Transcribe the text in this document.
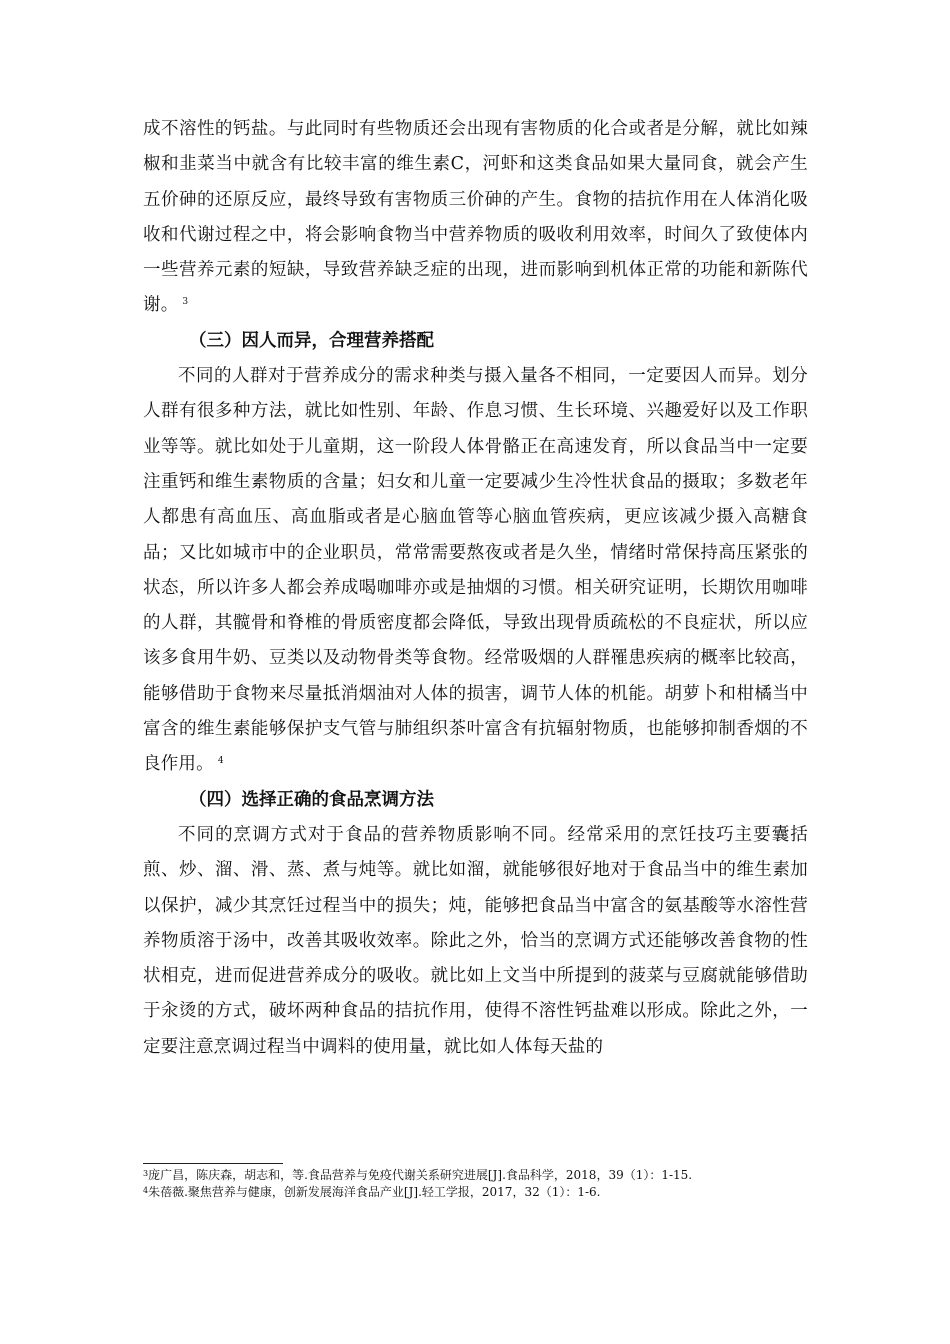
成不溶性的钙盐。与此同时有些物质还会出现有害物质的化合或者是分解，就比如辣椒和韭菜当中就含有比较丰富的维生素C，河虾和这类食品如果大量同食，就会产生五价砷的还原反应，最终导致有害物质三价砷的产生。食物的拮抗作用在人体消化吸收和代谢过程之中，将会影响食物当中营养物质的吸收利用效率，时间久了致使体内一些营养元素的短缺，导致营养缺乏症的出现，进而影响到机体正常的功能和新陈代谢。 $^3$

（三）因人而异，合理营养搭配

不同的人群对于营养成分的需求种类与摄入量各不相同，一定要因人而异。划分人群有很多种方法，就比如性别、年龄、作息习惯、生长环境、兴趣爱好以及工作职业等等。就比如处于儿童期，这一阶段人体骨骼正在高速发育，所以食品当中一定要注重钙和维生素物质的含量；妇女和儿童一定要减少生冷性状食品的摄取；多数老年人都患有高血压、高血脂或者是心脑血管等心脑血管疾病，更应该减少摄入高糖食品；又比如城市中的企业职员，常常需要熬夜或者是久坐，情绪时常保持高压紧张的状态，所以许多人都会养成喝咖啡亦或是抽烟的习惯。相关研究证明，长期饮用咖啡的人群，其髋骨和脊椎的骨质密度都会降低，导致出现骨质疏松的不良症状，所以应该多食用牛奶、豆类以及动物骨类等食物。经常吸烟的人群罹患疾病的概率比较高，能够借助于食物来尽量抵消烟油对人体的损害，调节人体的机能。胡萝卜和柑橘当中富含的维生素能够保护支气管与肺组织茶叶富含有抗辐射物质，也能够抑制香烟的不良作用。 $^4$

（四）选择正确的食品烹调方法

不同的烹调方式对于食品的营养物质影响不同。经常采用的烹饪技巧主要囊括煎、炒、溜、滑、蒸、煮与炖等。就比如溜，就能够很好地对于食品当中的维生素加以保护，减少其烹饪过程当中的损失；炖，能够把食品当中富含的氨基酸等水溶性营养物质溶于汤中，改善其吸收效率。除此之外，恰当的烹调方式还能够改善食物的性状相克，进而促进营养成分的吸收。就比如上文当中所提到的菠菜与豆腐就能够借助于汆烫的方式，破坏两种食品的拮抗作用，使得不溶性钙盐难以形成。除此之外，一定要注意烹调过程当中调料的使用量，就比如人体每天盐的

$^3$庞广昌，陈庆森，胡志和，等.食品营养与免疫代谢关系研究进展[J].食品科学，2018，39（1）：1-15.

$^4$朱蓓薇.聚焦营养与健康，创新发展海洋食品产业[J].轻工学报，2017，32（1）：1-6.
